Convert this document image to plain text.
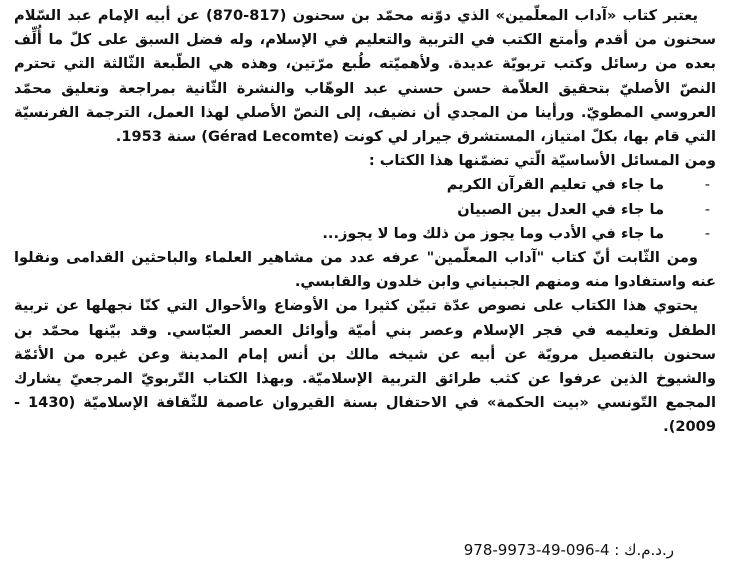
يعتبر كتاب «آداب المعلّمين» الذي دوّنه محمّد بن سحنون (817-870) عن أبيه الإمام عبد السّلام سحنون من أقدم وأمتع الكتب في التربية والتعليم في الإسلام، وله فضل السبق على كلّ ما أُلِّف بعده من رسائل وكتب تربويّة عديدة. ولأهميّته طُبع مرّتين، وهذه هي الطّبعة الثّالثة التي تحترم النصّ الأصليّ بتحقيق العلاّمة حسن حسني عبد الوهّاب والنشرة الثّانية بمراجعة وتعليق محمّد العروسي المطويّ. ورأينا من المجدي أن نضيف، إلى النصّ الأصلي لهذا العمل، الترجمة الفرنسيّة التي قام بها، بكلّ امتياز، المستشرق جيرار لي كونت (Gérad Lecomte) سنة 1953.

ومن المسائل الأساسيّة الّتي تضمّنها هذا الكتاب :

-
ما جاء في تعليم القرآن الكريم
-
ما جاء في العدل بين الصبيان
-
ما جاء في الأدب وما يجوز من ذلك وما لا يجوز...

ومن الثّابت أنّ كتاب "آداب المعلّمين" عرفه عدد من مشاهير العلماء والباحثين القدامى ونقلوا عنه واستفادوا منه ومنهم الجبنياني وابن خلدون والقابسي.

يحتوي هذا الكتاب على نصوص عدّة تبيّن كثيرا من الأوضاع والأحوال التي كنّا نجهلها عن تربية الطفل وتعليمه في فجر الإسلام وعصر بني أميّة وأوائل العصر العبّاسي. وقد بيّنها محمّد بن سحنون بالتفصيل مرويّة عن أبيه عن شيخه مالك بن أنس إمام المدينة وعن غيره من الأئمّة والشيوخ الذين عرفوا عن كثب طرائق التربية الإسلاميّة. وبهذا الكتاب التّربويّ المرجعيّ يشارك المجمع التّونسي «بيت الحكمة» في الاحتفال بسنة القيروان عاصمة للثّقافة الإسلاميّة (1430 - 2009).

ر.د.م.ك : 4-096-49-9973-978
